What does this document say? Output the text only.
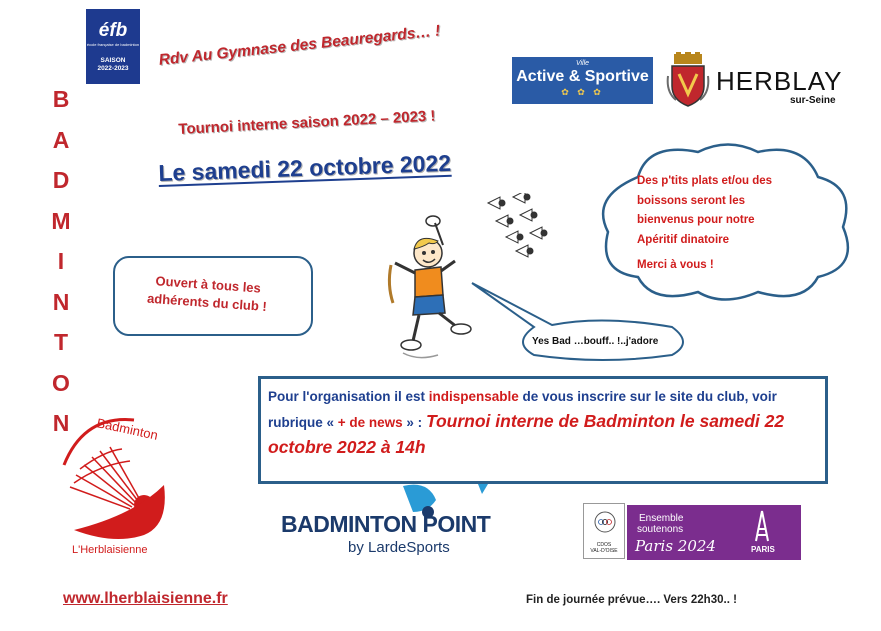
B
A
D
M
I
N
T
O
N
éfb
école française de badminton
SAISON
2022-2023	Rdv Au Gymnase des Beauregards… !
Tournoi interne saison 2022 – 2023 !
Le samedi 22 octobre 2022
Ville
Active & Sportive
✿ ✿ ✿	HERBLAY
sur-Seine
Des p'tits plats et/ou des
boissons seront les
bienvenus pour notre
Apéritif dinatoire
Merci à vous !
Ouvert à tous les
adhérents du club !
Yes Bad …bouff.. !..j'adore
Pour l'organisation il est indispensable de vous inscrire sur le site du club, voir rubrique « + de news » : Tournoi interne de Badminton le samedi 22 octobre 2022 à 14h
Badminton
L'Herblaisienne
BADMINTON POINT
by LardeSports	CDOS
VAL-D'OISE
Ensemble
soutenons
Paris 2024	PARIS
www.lherblaisienne.fr	Fin de journée prévue…. Vers 22h30.. !
